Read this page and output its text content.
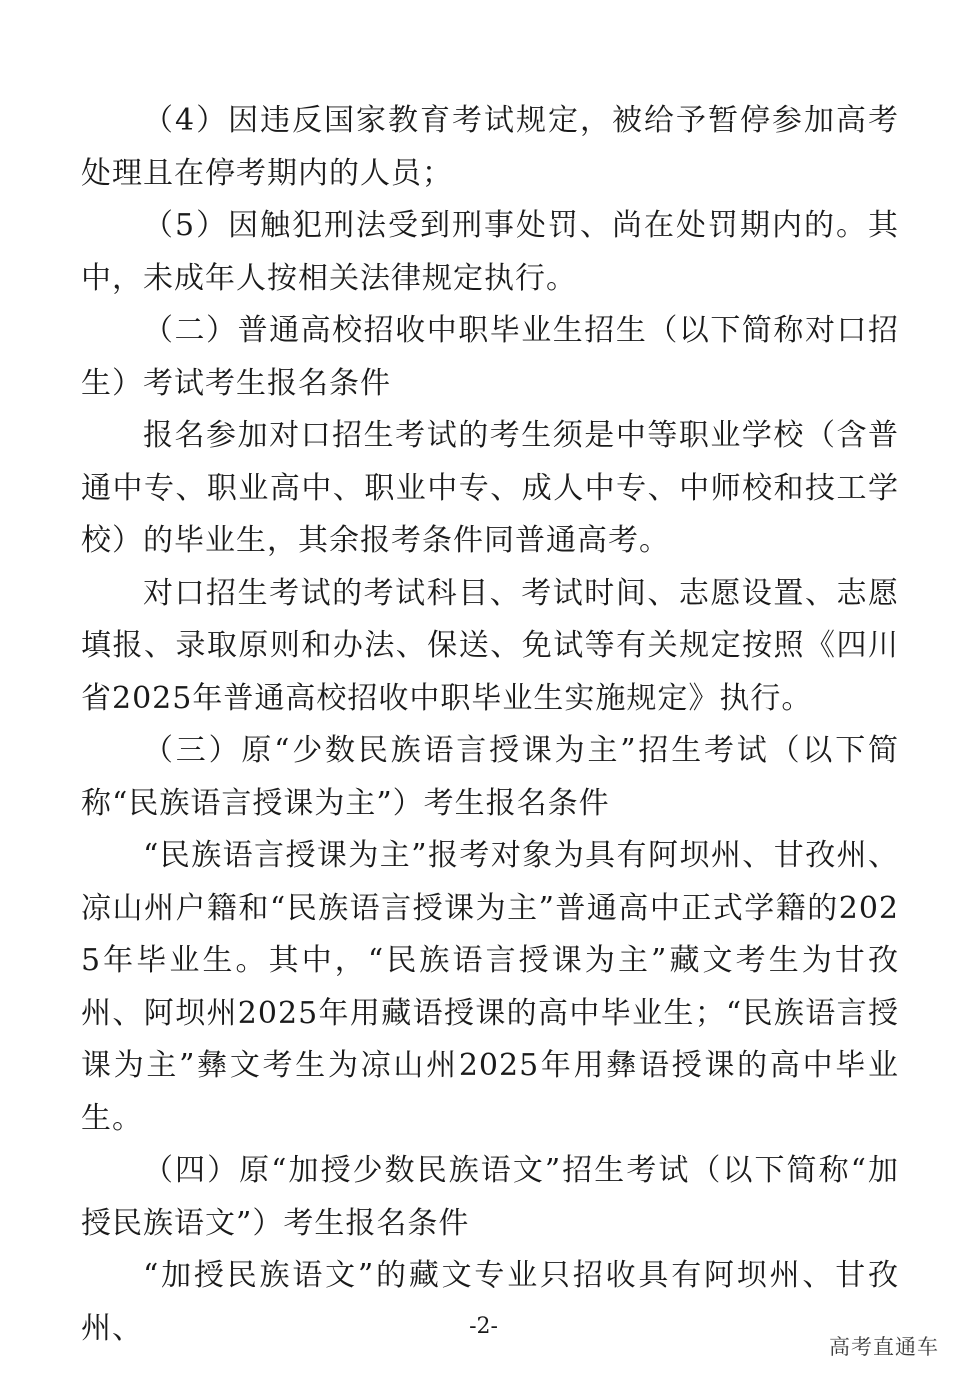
（4）因违反国家教育考试规定，被给予暂停参加高考处理且在停考期内的人员；

（5）因触犯刑法受到刑事处罚、尚在处罚期内的。其中，未成年人按相关法律规定执行。

（二）普通高校招收中职毕业生招生（以下简称对口招生）考试考生报名条件

报名参加对口招生考试的考生须是中等职业学校（含普通中专、职业高中、职业中专、成人中专、中师校和技工学校）的毕业生，其余报考条件同普通高考。

对口招生考试的考试科目、考试时间、志愿设置、志愿填报、录取原则和办法、保送、免试等有关规定按照《四川省2025年普通高校招收中职毕业生实施规定》执行。

（三）原“少数民族语言授课为主”招生考试（以下简称“民族语言授课为主”）考生报名条件

“民族语言授课为主”报考对象为具有阿坝州、甘孜州、凉山州户籍和“民族语言授课为主”普通高中正式学籍的2025年毕业生。其中，“民族语言授课为主”藏文考生为甘孜州、阿坝州2025年用藏语授课的高中毕业生；“民族语言授课为主”彝文考生为凉山州2025年用彝语授课的高中毕业生。

（四）原“加授少数民族语文”招生考试（以下简称“加授民族语文”）考生报名条件

“加授民族语文”的藏文专业只招收具有阿坝州、甘孜州、	-2-
高考直通车
